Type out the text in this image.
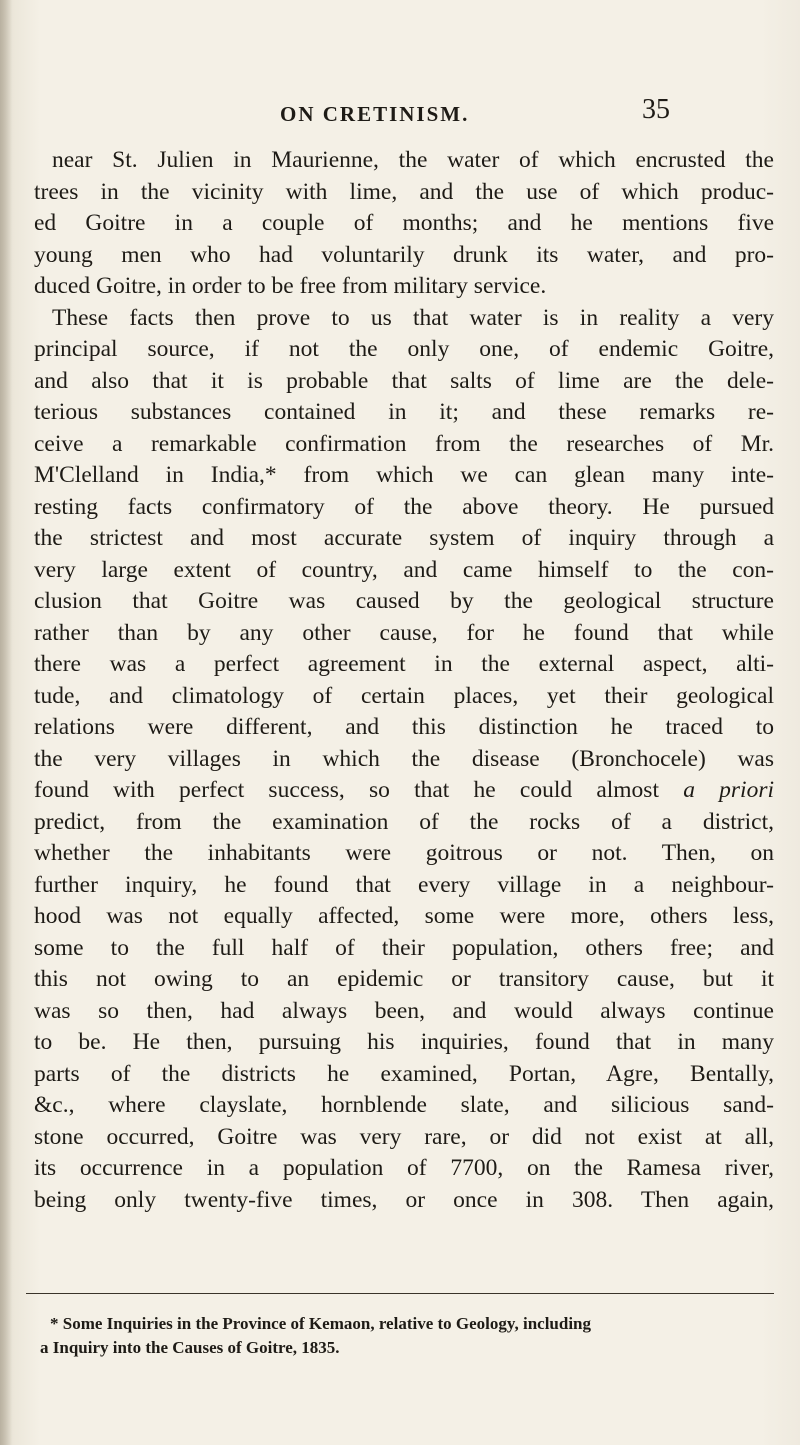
ON CRETINISM.	35
near St. Julien in Maurienne, the water of which encrusted the
trees in the vicinity with lime, and the use of which produc-
ed Goitre in a couple of months; and he mentions five
young men who had voluntarily drunk its water, and pro-
duced Goitre, in order to be free from military service.
These facts then prove to us that water is in reality a very
principal source, if not the only one, of endemic Goitre,
and also that it is probable that salts of lime are the dele-
terious substances contained in it; and these remarks re-
ceive a remarkable confirmation from the researches of Mr.
M'Clelland in India,* from which we can glean many inte-
resting facts confirmatory of the above theory. He pursued
the strictest and most accurate system of inquiry through a
very large extent of country, and came himself to the con-
clusion that Goitre was caused by the geological structure
rather than by any other cause, for he found that while
there was a perfect agreement in the external aspect, alti-
tude, and climatology of certain places, yet their geological
relations were different, and this distinction he traced to
the very villages in which the disease (Bronchocele) was
found with perfect success, so that he could almost a priori
predict, from the examination of the rocks of a district,
whether the inhabitants were goitrous or not. Then, on
further inquiry, he found that every village in a neighbour-
hood was not equally affected, some were more, others less,
some to the full half of their population, others free; and
this not owing to an epidemic or transitory cause, but it
was so then, had always been, and would always continue
to be. He then, pursuing his inquiries, found that in many
parts of the districts he examined, Portan, Agre, Bentally,
&c., where clayslate, hornblende slate, and silicious sand-
stone occurred, Goitre was very rare, or did not exist at all,
its occurrence in a population of 7700, on the Ramesa river,
being only twenty-five times, or once in 308. Then again,
* Some Inquiries in the Province of Kemaon, relative to Geology, including
a Inquiry into the Causes of Goitre, 1835.
